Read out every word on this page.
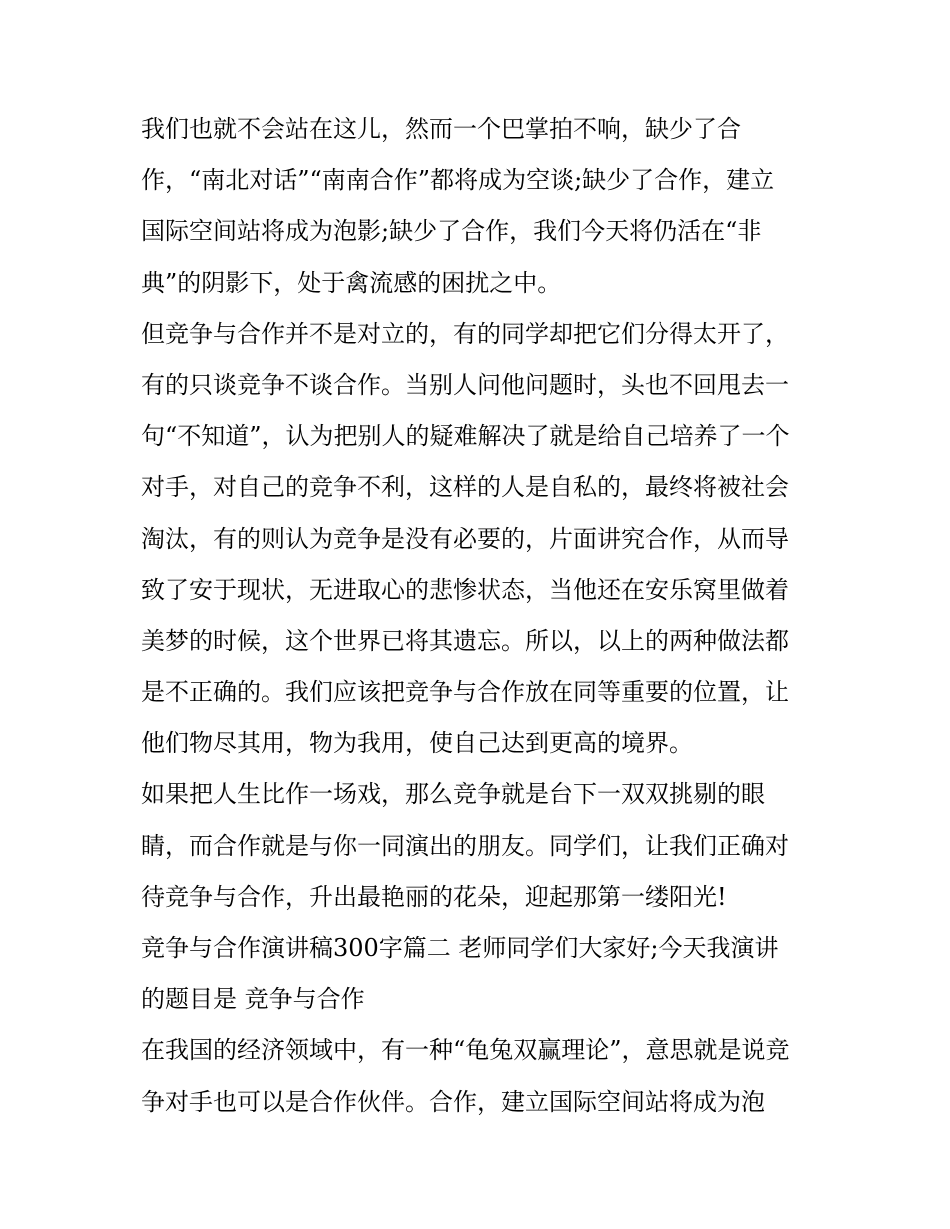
我们也就不会站在这儿，然而一个巴掌拍不响，缺少了合
作，“南北对话”“南南合作”都将成为空谈;缺少了合作，建立
国际空间站将成为泡影;缺少了合作，我们今天将仍活在“非
典”的阴影下，处于禽流感的困扰之中。
但竞争与合作并不是对立的，有的同学却把它们分得太开了，
有的只谈竞争不谈合作。当别人问他问题时，头也不回甩去一
句“不知道”，认为把别人的疑难解决了就是给自己培养了一个
对手，对自己的竞争不利，这样的人是自私的，最终将被社会
淘汰，有的则认为竞争是没有必要的，片面讲究合作，从而导
致了安于现状，无进取心的悲惨状态，当他还在安乐窝里做着
美梦的时候，这个世界已将其遗忘。所以，以上的两种做法都
是不正确的。我们应该把竞争与合作放在同等重要的位置，让
他们物尽其用，物为我用，使自己达到更高的境界。
如果把人生比作一场戏，那么竞争就是台下一双双挑剔的眼
睛，而合作就是与你一同演出的朋友。同学们，让我们正确对
待竞争与合作，升出最艳丽的花朵，迎起那第一缕阳光!
竞争与合作演讲稿300字篇二 老师同学们大家好;今天我演讲
的题目是 竞争与合作
在我国的经济领域中，有一种“龟兔双赢理论”，意思就是说竞
争对手也可以是合作伙伴。合作，建立国际空间站将成为泡
